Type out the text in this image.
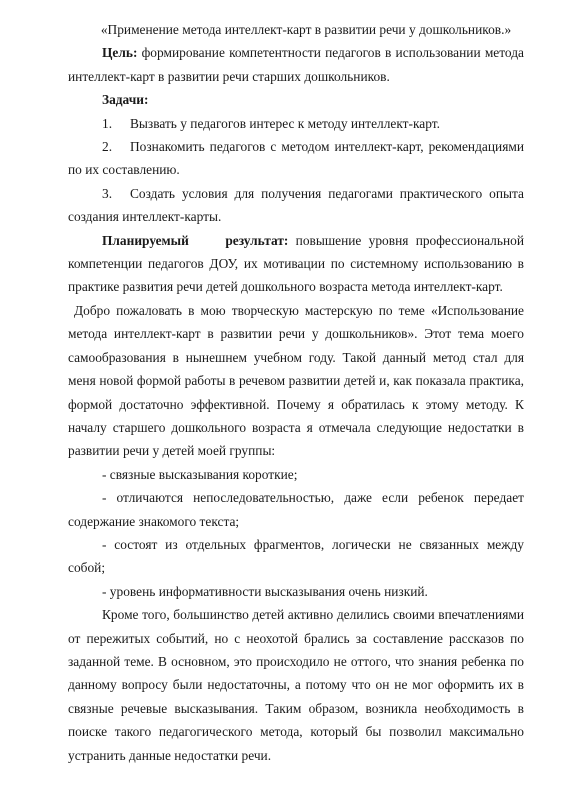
«Применение метода интеллект-карт в развитии речи у дошкольников.»

Цель: формирование компетентности педагогов в использовании метода интеллект-карт в развитии речи старших дошкольников.

Задачи:

1. Вызвать у педагогов интерес к методу интеллект-карт.

2. Познакомить педагогов с методом интеллект-карт, рекомендациями по их составлению.

3. Создать условия для получения педагогами практического опыта создания интеллект-карты.

Планируемый	результат: повышение уровня профессиональной компетенции педагогов ДОУ, их мотивации по системному использованию в практике развития речи детей дошкольного возраста метода интеллект-карт.

Добро пожаловать в мою творческую мастерскую по теме «Использование метода интеллект-карт в развитии речи у дошкольников». Этот тема моего самообразования в нынешнем учебном году. Такой данный метод стал для меня новой формой работы в речевом развитии детей и, как показала практика, формой достаточно эффективной. Почему я обратилась к этому методу. К началу старшего дошкольного возраста я отмечала следующие недостатки в развитии речи у детей моей группы:

- связные высказывания короткие;

- отличаются непоследовательностью, даже если ребенок передает содержание знакомого текста;

- состоят из отдельных фрагментов, логически не связанных между собой;

- уровень информативности высказывания очень низкий.

Кроме того, большинство детей активно делились своими впечатлениями от пережитых событий, но с неохотой брались за составление рассказов по заданной теме. В основном, это происходило не оттого, что знания ребенка по данному вопросу были недостаточны, а потому что он не мог оформить их в связные речевые высказывания. Таким образом, возникла необходимость в поиске такого педагогического метода, который бы позволил максимально устранить данные недостатки речи.
